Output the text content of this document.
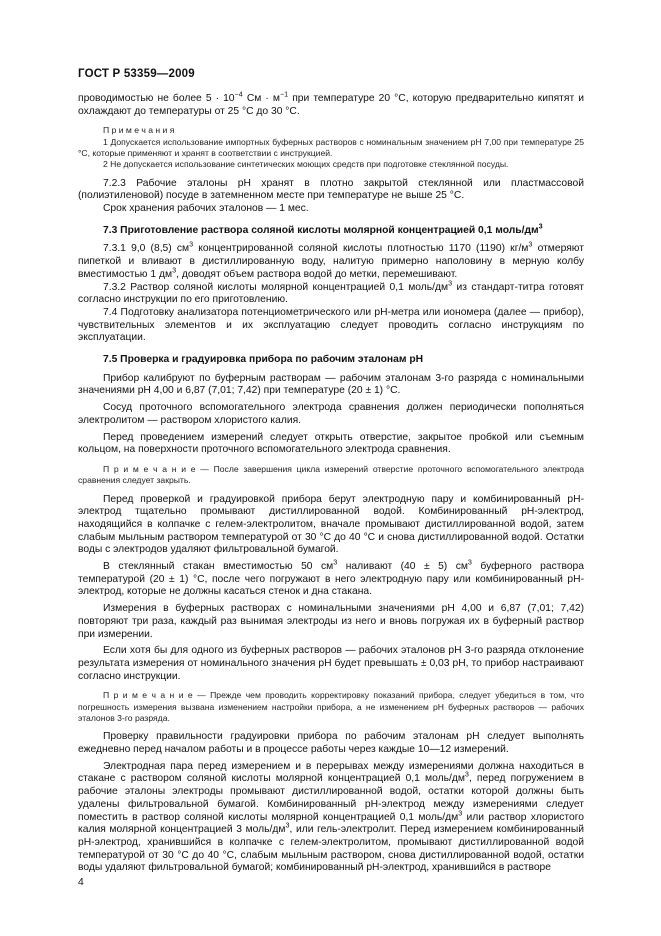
ГОСТ Р 53359—2009

проводимостью не более $5 \cdot 10^{-4}$ См · $м^{-1}$ при температуре 20 °С, которую предварительно кипятят и охлаждают до температуры от 25 °С до 30 °С.

П р и м е ч а н и я

1 Допускается использование импортных буферных растворов с номинальным значением рН 7,00 при температуре 25 °С, которые применяют и хранят в соответствии с инструкцией.

2 Не допускается использование синтетических моющих средств при подготовке стеклянной посуды.

7.2.3 Рабочие эталоны рН хранят в плотно закрытой стеклянной или пластмассовой (полиэтиленовой) посуде в затемненном месте при температуре не выше 25 °С.

Срок хранения рабочих эталонов — 1 мес.

7.3 Приготовление раствора соляной кислоты молярной концентрацией 0,1 моль/$дм^3$

7.3.1 9,0 (8,5) $см^3$ концентрированной соляной кислоты плотностью 1170 (1190) $кг/м^3$ отмеряют пипеткой и вливают в дистиллированную воду, налитую примерно наполовину в мерную колбу вместимостью 1 $дм^3$, доводят объем раствора водой до метки, перемешивают.

7.3.2 Раствор соляной кислоты молярной концентрацией 0,1 моль/$дм^3$ из стандарт-титра готовят согласно инструкции по его приготовлению.

7.4 Подготовку анализатора потенциометрического или рН-метра или иономера (далее — прибор), чувствительных элементов и их эксплуатацию следует проводить согласно инструкциям по эксплуатации.

7.5 Проверка и градуировка прибора по рабочим эталонам рН

Прибор калибруют по буферным растворам — рабочим эталонам 3-го разряда с номинальными значениями рН 4,00 и 6,87 (7,01; 7,42) при температуре (20 ± 1) °С.

Сосуд проточного вспомогательного электрода сравнения должен периодически пополняться электролитом — раствором хлористого калия.

Перед проведением измерений следует открыть отверстие, закрытое пробкой или съемным кольцом, на поверхности проточного вспомогательного электрода сравнения.

П р и м е ч а н и е — После завершения цикла измерений отверстие проточного вспомогательного электрода сравнения следует закрыть.

Перед проверкой и градуировкой прибора берут электродную пару и комбинированный рН-электрод тщательно промывают дистиллированной водой. Комбинированный рН-электрод, находящийся в колпачке с гелем-электролитом, вначале промывают дистиллированной водой, затем слабым мыльным раствором температурой от 30 °С до 40 °С и снова дистиллированной водой. Остатки воды с электродов удаляют фильтровальной бумагой.

В стеклянный стакан вместимостью 50 $см^3$ наливают (40 ± 5) $см^3$ буферного раствора температурой (20 ± 1) °С, после чего погружают в него электродную пару или комбинированный рН-электрод, которые не должны касаться стенок и дна стакана.

Измерения в буферных растворах с номинальными значениями рН 4,00 и 6,87 (7,01; 7,42) повторяют три раза, каждый раз вынимая электроды из него и вновь погружая их в буферный раствор при измерении.

Если хотя бы для одного из буферных растворов — рабочих эталонов рН 3-го разряда отклонение результата измерения от номинального значения рН будет превышать ± 0,03 рН, то прибор настраивают согласно инструкции.

П р и м е ч а н и е — Прежде чем проводить корректировку показаний прибора, следует убедиться в том, что погрешность измерения вызвана изменением настройки прибора, а не изменением рН буферных растворов — рабочих эталонов 3-го разряда.

Проверку правильности градуировки прибора по рабочим эталонам рН следует выполнять ежедневно перед началом работы и в процессе работы через каждые 10—12 измерений.

Электродная пара перед измерением и в перерывах между измерениями должна находиться в стакане с раствором соляной кислоты молярной концентрацией 0,1 моль/$дм^3$, перед погружением в рабочие эталоны электроды промывают дистиллированной водой, остатки которой должны быть удалены фильтровальной бумагой. Комбинированный рН-электрод между измерениями следует поместить в раствор соляной кислоты молярной концентрацией 0,1 моль/$дм^3$ или раствор хлористого калия молярной концентрацией 3 моль/$дм^3$, или гель-электролит. Перед измерением комбинированный рН-электрод, хранившийся в колпачке с гелем-электролитом, промывают дистиллированной водой температурой от 30 °С до 40 °С, слабым мыльным раствором, снова дистиллированной водой, остатки воды удаляют фильтровальной бумагой; комбинированный рН-электрод, хранившийся в растворе

4
